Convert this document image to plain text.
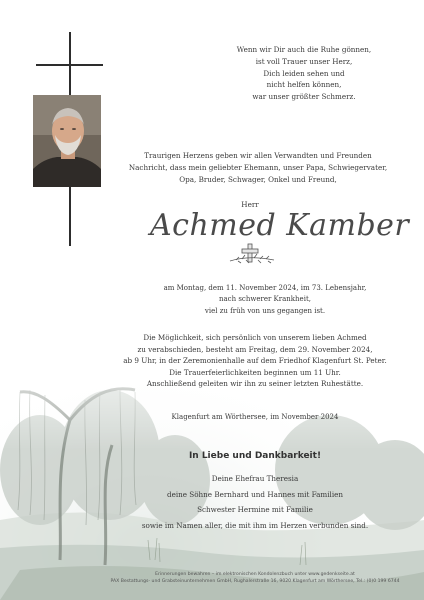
Wenn wir Dir auch die Ruhe gönnen,
ist voll Trauer unser Herz,
Dich leiden sehen und
nicht helfen können,
war unser größter Schmerz.
Traurigen Herzens geben wir allen Verwandten und Freunden
Nachricht, dass mein geliebter Ehemann, unser Papa, Schwiegervater,
Opa, Bruder, Schwager, Onkel und Freund,
Herr
Achmed Kamber
am Montag, dem 11. November 2024, im 73. Lebensjahr,
nach schwerer Krankheit,
viel zu früh von uns gegangen ist.
Die Möglichkeit, sich persönlich von unserem lieben Achmed
zu verabschieden, besteht am Freitag, dem 29. November 2024,
ab 9 Uhr, in der Zeremonienhalle auf dem Friedhof Klagenfurt St. Peter.
Die Trauerfeierlichkeiten beginnen um 11 Uhr.
Anschließend geleiten wir ihn zu seiner letzten Ruhestätte.
Klagenfurt am Wörthersee, im November 2024
In Liebe und Dankbarkeit!
Deine Ehefrau Theresia
deine Söhne Bernhard und Hannes mit Familien
Schwester Hermine mit Familie
sowie im Namen aller, die mit ihm im Herzen verbunden sind.
Erinnerungen bewahren – im elektronischen Kondolenzbuch unter www.gedenkseite.at
PAX Bestattungs- und Grabsteinunternehmen GmbH, Rughalerstraße 16, 9020 Klagenfurt am Wörthersee, Tel.: (0)0 199 6744
